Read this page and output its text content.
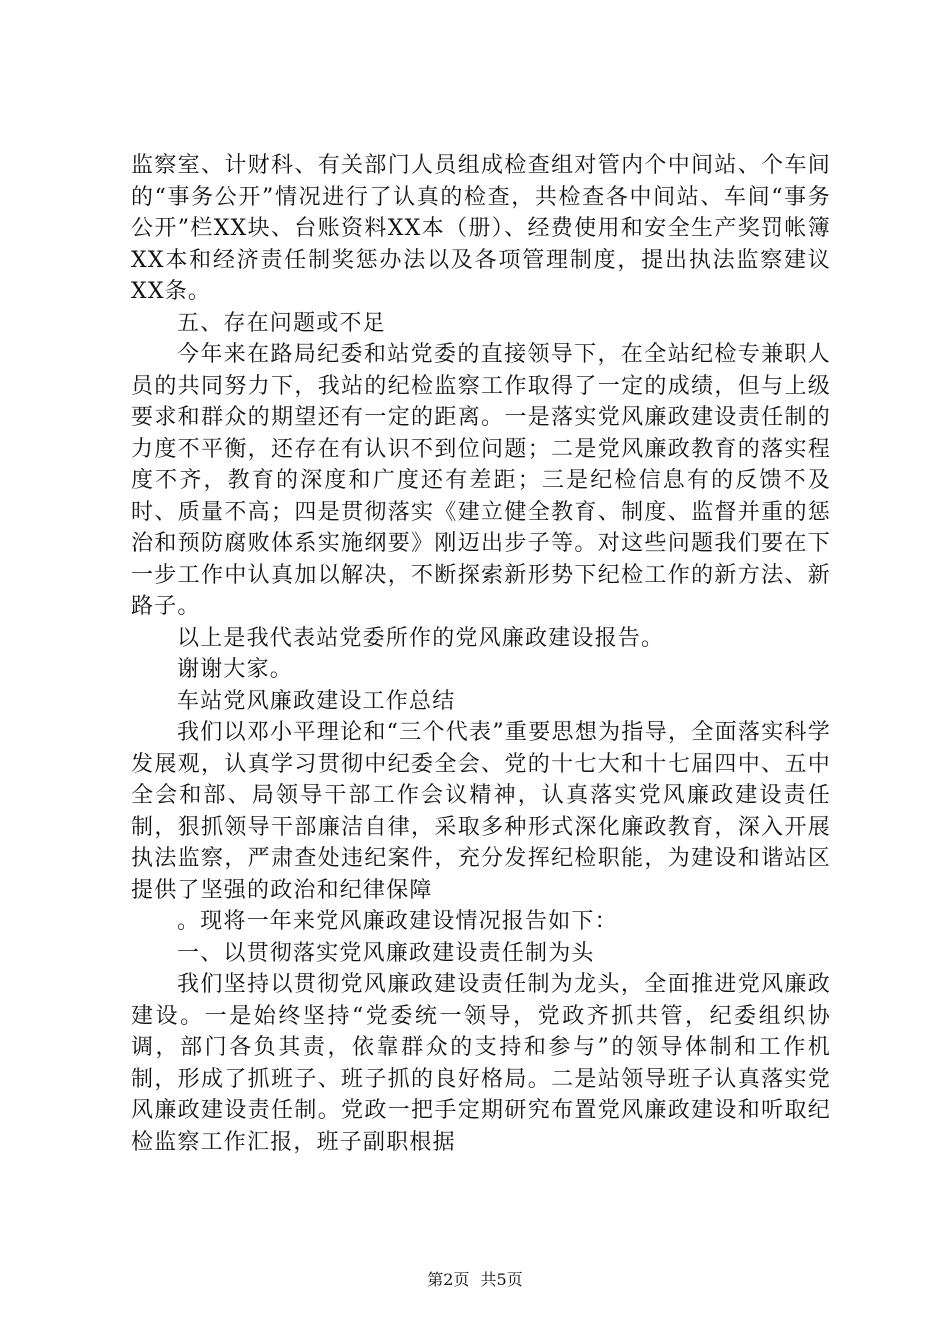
监察室、计财科、有关部门人员组成检查组对管内个中间站、个车间的“事务公开”情况进行了认真的检查，共检查各中间站、车间“事务公开”栏XX块、台账资料XX本（册）、经费使用和安全生产奖罚帐簿XX本和经济责任制奖惩办法以及各项管理制度，提出执法监察建议XX条。

五、存在问题或不足

今年来在路局纪委和站党委的直接领导下，在全站纪检专兼职人员的共同努力下，我站的纪检监察工作取得了一定的成绩，但与上级要求和群众的期望还有一定的距离。一是落实党风廉政建设责任制的力度不平衡，还存在有认识不到位问题；二是党风廉政教育的落实程度不齐，教育的深度和广度还有差距；三是纪检信息有的反馈不及时、质量不高；四是贯彻落实《建立健全教育、制度、监督并重的惩治和预防腐败体系实施纲要》刚迈出步子等。对这些问题我们要在下一步工作中认真加以解决，不断探索新形势下纪检工作的新方法、新路子。

以上是我代表站党委所作的党风廉政建设报告。

谢谢大家。

车站党风廉政建设工作总结

我们以邓小平理论和“三个代表”重要思想为指导，全面落实科学发展观，认真学习贯彻中纪委全会、党的十七大和十七届四中、五中全会和部、局领导干部工作会议精神，认真落实党风廉政建设责任制，狠抓领导干部廉洁自律，采取多种形式深化廉政教育，深入开展执法监察，严肃查处违纪案件，充分发挥纪检职能，为建设和谐站区提供了坚强的政治和纪律保障

。现将一年来党风廉政建设情况报告如下：

一、以贯彻落实党风廉政建设责任制为头

我们坚持以贯彻党风廉政建设责任制为龙头，全面推进党风廉政建设。一是始终坚持“党委统一领导，党政齐抓共管，纪委组织协调，部门各负其责，依靠群众的支持和参与”的领导体制和工作机制，形成了抓班子、班子抓的良好格局。二是站领导班子认真落实党风廉政建设责任制。党政一把手定期研究布置党风廉政建设和听取纪检监察工作汇报，班子副职根据

第2页 共5页
